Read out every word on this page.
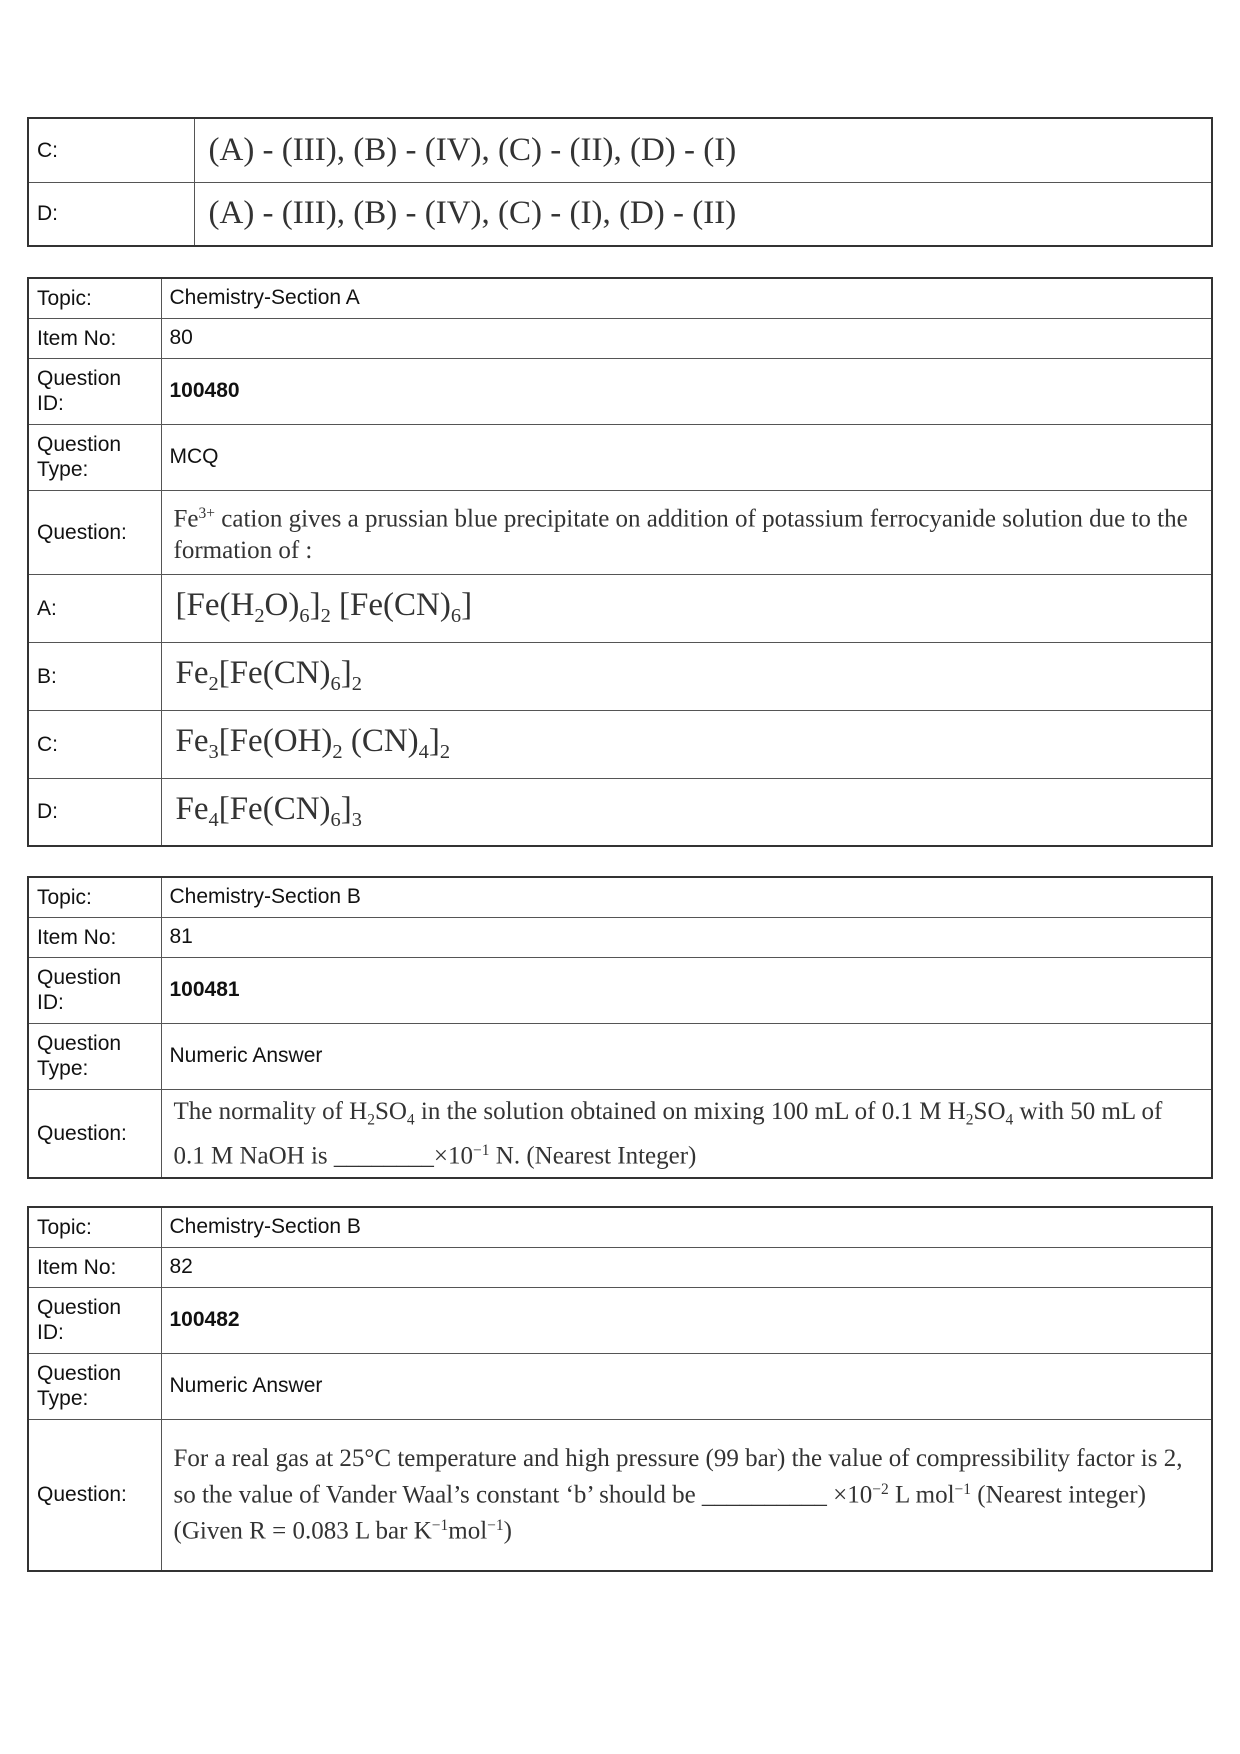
C:	(A) - (III), (B) - (IV), (C) - (II), (D) - (I)
D:	(A) - (III), (B) - (IV), (C) - (I), (D) - (II)
Topic:	Chemistry-Section A
Item No:	80
Question ID:	100480
Question Type:	MCQ
Question:	$Fe^{3+}$ cation gives a prussian blue precipitate on addition of potassium ferrocyanide solution due to the formation of :
A:	$[Fe(H_2O)_6]_2$ $[Fe(CN)_6]$
B:	$Fe_2[Fe(CN)_6]_2$
C:	$Fe_3[Fe(OH)_2$ $(CN)_4]_2$
D:	$Fe_4[Fe(CN)_6]_3$
Topic:	Chemistry-Section B
Item No:	81
Question ID:	100481
Question Type:	Numeric Answer
Question:	The normality of $H_2SO_4$ in the solution obtained on mixing 100 mL of 0.1 M $H_2SO_4$ with 50 mL of 0.1 M NaOH is $\_\_\_\_\_\_\_\_\times 10^{-1}$ N. (Nearest Integer)
Topic:	Chemistry-Section B
Item No:	82
Question ID:	100482
Question Type:	Numeric Answer
Question:	For a real gas at 25°C temperature and high pressure (99 bar) the value of compressibility factor is 2, so the value of Vander Waal’s constant ‘b’ should be __________ $\times 10^{-2}$ L mol$^{-1}$ (Nearest integer)
(Given R = 0.083 L bar $K^{-1}mol^{-1}$)
